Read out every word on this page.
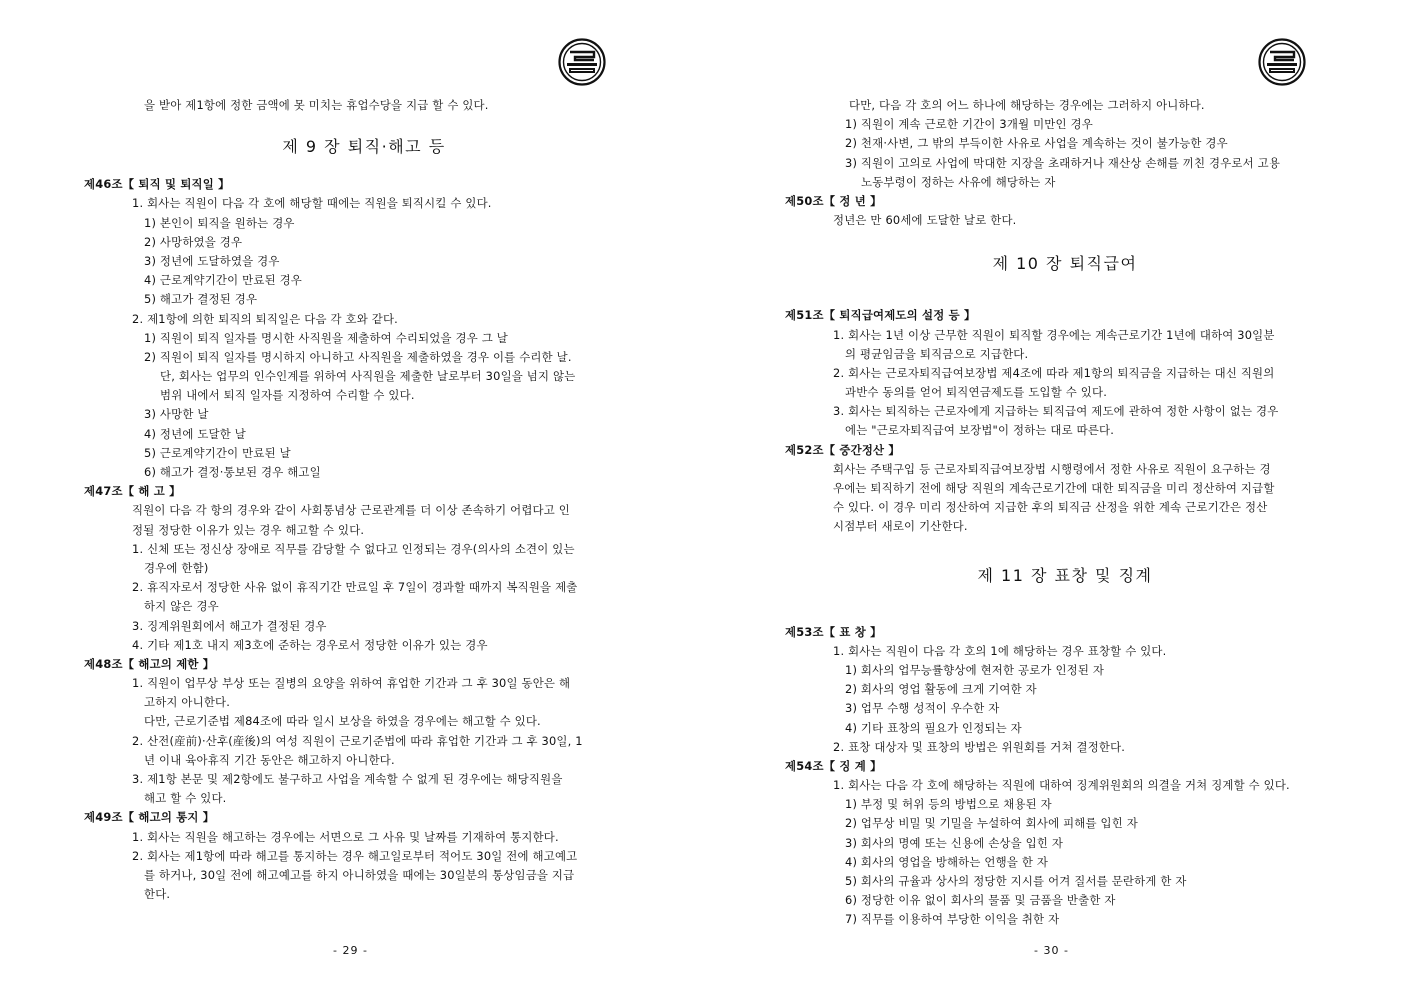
을 받아 제1항에 정한 금액에 못 미치는 휴업수당을 지급 할 수 있다.
제 9 장 퇴직·해고 등
제46조【 퇴직 및 퇴직일 】
1. 회사는 직원이 다음 각 호에 해당할 때에는 직원을 퇴직시킬 수 있다.
1) 본인이 퇴직을 원하는 경우
2) 사망하였을 경우
3) 정년에 도달하였을 경우
4) 근로계약기간이 만료된 경우
5) 해고가 결정된 경우
2. 제1항에 의한 퇴직의 퇴직일은 다음 각 호와 같다.
1) 직원이 퇴직 일자를 명시한 사직원을 제출하여 수리되었을 경우 그 날
2) 직원이 퇴직 일자를 명시하지 아니하고 사직원을 제출하였을 경우 이를 수리한 날.
단, 회사는 업무의 인수인계를 위하여 사직원을 제출한 날로부터 30일을 넘지 않는
범위 내에서 퇴직 일자를 지정하여 수리할 수 있다.
3) 사망한 날
4) 정년에 도달한 날
5) 근로계약기간이 만료된 날
6) 해고가 결정·통보된 경우 해고일
제47조【 해 고 】
직원이 다음 각 항의 경우와 같이 사회통념상 근로관계를 더 이상 존속하기 어렵다고 인
정될 정당한 이유가 있는 경우 해고할 수 있다.
1. 신체 또는 정신상 장애로 직무를 감당할 수 없다고 인정되는 경우(의사의 소견이 있는
경우에 한함)
2. 휴직자로서 정당한 사유 없이 휴직기간 만료일 후 7일이 경과할 때까지 복직원을 제출
하지 않은 경우
3. 징계위원회에서 해고가 결정된 경우
4. 기타 제1호 내지 제3호에 준하는 경우로서 정당한 이유가 있는 경우
제48조【 해고의 제한 】
1. 직원이 업무상 부상 또는 질병의 요양을 위하여 휴업한 기간과 그 후 30일 동안은 해
고하지 아니한다.
다만, 근로기준법 제84조에 따라 일시 보상을 하였을 경우에는 해고할 수 있다.
2. 산전(産前)·산후(産後)의 여성 직원이 근로기준법에 따라 휴업한 기간과 그 후 30일, 1
년 이내 육아휴직 기간 동안은 해고하지 아니한다.
3. 제1항 본문 및 제2항에도 불구하고 사업을 계속할 수 없게 된 경우에는 해당직원을
해고 할 수 있다.
제49조【 해고의 통지 】
1. 회사는 직원을 해고하는 경우에는 서면으로 그 사유 및 날짜를 기재하여 통지한다.
2. 회사는 제1항에 따라 해고를 통지하는 경우 해고일로부터 적어도 30일 전에 해고예고
를 하거나, 30일 전에 해고예고를 하지 아니하였을 때에는 30일분의 통상임금을 지급
한다.
- 29 -
다만, 다음 각 호의 어느 하나에 해당하는 경우에는 그러하지 아니하다.
1) 직원이 계속 근로한 기간이 3개월 미만인 경우
2) 천재·사변, 그 밖의 부득이한 사유로 사업을 계속하는 것이 불가능한 경우
3) 직원이 고의로 사업에 막대한 지장을 초래하거나 재산상 손해를 끼친 경우로서 고용
노동부령이 정하는 사유에 해당하는 자
제50조【 정 년 】
정년은 만 60세에 도달한 날로 한다.
제 10 장 퇴직급여
제51조【 퇴직급여제도의 설정 등 】
1. 회사는 1년 이상 근무한 직원이 퇴직할 경우에는 계속근로기간 1년에 대하여 30일분
의 평균임금을 퇴직금으로 지급한다.
2. 회사는 근로자퇴직급여보장법 제4조에 따라 제1항의 퇴직금을 지급하는 대신 직원의
과반수 동의를 얻어 퇴직연금제도를 도입할 수 있다.
3. 회사는 퇴직하는 근로자에게 지급하는 퇴직급여 제도에 관하여 정한 사항이 없는 경우
에는 "근로자퇴직급여 보장법"이 정하는 대로 따른다.
제52조【 중간정산 】
회사는 주택구입 등 근로자퇴직급여보장법 시행령에서 정한 사유로 직원이 요구하는 경
우에는 퇴직하기 전에 해당 직원의 계속근로기간에 대한 퇴직금을 미리 정산하여 지급할
수 있다. 이 경우 미리 정산하여 지급한 후의 퇴직금 산정을 위한 계속 근로기간은 정산
시점부터 새로이 기산한다.
제 11 장 표창 및 징계
제53조【 표 창 】
1. 회사는 직원이 다음 각 호의 1에 해당하는 경우 표창할 수 있다.
1) 회사의 업무능률향상에 현저한 공로가 인정된 자
2) 회사의 영업 활동에 크게 기여한 자
3) 업무 수행 성적이 우수한 자
4) 기타 표창의 필요가 인정되는 자
2. 표창 대상자 및 표창의 방법은 위원회를 거쳐 결정한다.
제54조【 징 계 】
1. 회사는 다음 각 호에 해당하는 직원에 대하여 징계위원회의 의결을 거쳐 징계할 수 있다.
1) 부정 및 허위 등의 방법으로 채용된 자
2) 업무상 비밀 및 기밀을 누설하여 회사에 피해를 입힌 자
3) 회사의 명예 또는 신용에 손상을 입힌 자
4) 회사의 영업을 방해하는 언행을 한 자
5) 회사의 규율과 상사의 정당한 지시를 어겨 질서를 문란하게 한 자
6) 정당한 이유 없이 회사의 물품 및 금품을 반출한 자
7) 직무를 이용하여 부당한 이익을 취한 자
- 30 -
